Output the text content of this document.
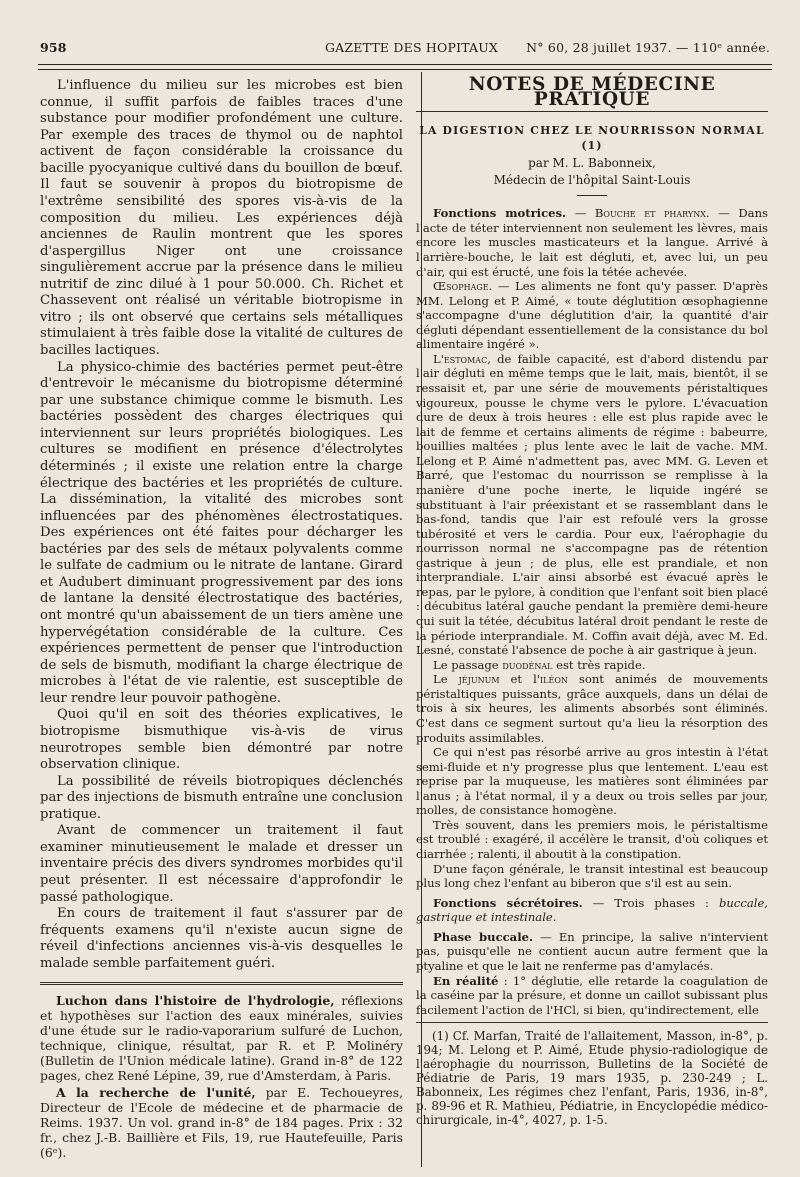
958	GAZETTE DES HOPITAUX N° 60, 28 juillet 1937. — 110ᵉ année.

L'influence du milieu sur les microbes est bien connue, il suffit parfois de faibles traces d'une substance pour modifier profondément une culture. Par exemple des traces de thymol ou de naphtol activent de façon considérable la croissance du bacille pyocyanique cultivé dans du bouillon de bœuf. Il faut se souvenir à propos du biotropisme de l'extrême sensibilité des spores vis-à-vis de la composition du milieu. Les expériences déjà anciennes de Raulin montrent que les spores d'aspergillus Niger ont une croissance singulièrement accrue par la présence dans le milieu nutritif de zinc dilué à 1 pour 50.000. Ch. Richet et Chassevent ont réalisé un véritable biotropisme in vitro ; ils ont observé que certains sels métalliques stimulaient à très faible dose la vitalité de cultures de bacilles lactiques.

La physico-chimie des bactéries permet peut-être d'entrevoir le mécanisme du biotropisme déterminé par une substance chimique comme le bismuth. Les bactéries possèdent des charges électriques qui interviennent sur leurs propriétés biologiques. Les cultures se modifient en présence d'électrolytes déterminés ; il existe une relation entre la charge électrique des bactéries et les propriétés de culture. La dissémination, la vitalité des microbes sont influencées par des phénomènes électrostatiques. Des expériences ont été faites pour décharger les bactéries par des sels de métaux polyvalents comme le sulfate de cadmium ou le nitrate de lantane. Girard et Audubert diminuant progressivement par des ions de lantane la densité électrostatique des bactéries, ont montré qu'un abaissement de un tiers amène une hypervégétation considérable de la culture. Ces expériences permettent de penser que l'introduction de sels de bismuth, modifiant la charge électrique de microbes à l'état de vie ralentie, est susceptible de leur rendre leur pouvoir pathogène.

Quoi qu'il en soit des théories explicatives, le biotropisme bismuthique vis-à-vis de virus neurotropes semble bien démontré par notre observation clinique.

La possibilité de réveils biotropiques déclenchés par des injections de bismuth entraîne une conclusion pratique.

Avant de commencer un traitement il faut examiner minutieusement le malade et dresser un inventaire précis des divers syndromes morbides qu'il peut présenter. Il est nécessaire d'approfondir le passé pathologique.

En cours de traitement il faut s'assurer par de fréquents examens qu'il n'existe aucun signe de réveil d'infections anciennes vis-à-vis desquelles le malade semble parfaitement guéri.

Luchon dans l'histoire de l'hydrologie, réflexions et hypothèses sur l'action des eaux minérales, suivies d'une étude sur le radio-vaporarium sulfuré de Luchon, technique, clinique, résultat, par R. et P. Molinéry (Bulletin de l'Union médicale latine). Grand in-8° de 122 pages, chez René Lépine, 39, rue d'Amsterdam, à Paris.

A la recherche de l'unité, par E. Techoueyres, Directeur de l'Ecole de médecine et de pharmacie de Reims. 1937. Un vol. grand in-8° de 184 pages. Prix : 32 fr., chez J.-B. Baillière et Fils, 19, rue Hautefeuille, Paris (6ᵉ).

NOTES DE MÉDECINE PRATIQUE

LA DIGESTION CHEZ LE NOURRISSON NORMAL (1)
par M. L. Babonneix,
Médecin de l'hôpital Saint-Louis

Fonctions motrices. — Bouche et pharynx. — Dans l'acte de téter interviennent non seulement les lèvres, mais encore les muscles masticateurs et la langue. Arrivé à l'arrière-bouche, le lait est dégluti, et, avec lui, un peu d'air, qui est éructé, une fois la tétée achevée.

Œsophage. — Les aliments ne font qu'y passer. D'après MM. Lelong et P. Aimé, « toute déglutition œsophagienne s'accompagne d'une déglutition d'air, la quantité d'air dégluti dépendant essentiellement de la consistance du bol alimentaire ingéré ».

L'estomac, de faible capacité, est d'abord distendu par l'air dégluti en même temps que le lait, mais, bientôt, il se ressaisit et, par une série de mouvements péristaltiques vigoureux, pousse le chyme vers le pylore. L'évacuation dure de deux à trois heures : elle est plus rapide avec le lait de femme et certains aliments de régime : babeurre, bouillies maltées ; plus lente avec le lait de vache. MM. Lelong et P. Aimé n'admettent pas, avec MM. G. Leven et Barré, que l'estomac du nourrisson se remplisse à la manière d'une poche inerte, le liquide ingéré se substituant à l'air préexistant et se rassemblant dans le bas-fond, tandis que l'air est refoulé vers la grosse tubérosité et vers le cardia. Pour eux, l'aérophagie du nourrisson normal ne s'accompagne pas de rétention gastrique à jeun ; de plus, elle est prandiale, et non interprandiale. L'air ainsi absorbé est évacué après le repas, par le pylore, à condition que l'enfant soit bien placé : décubitus latéral gauche pendant la première demi-heure qui suit la tétée, décubitus latéral droit pendant le reste de la période interprandiale. M. Coffin avait déjà, avec M. Ed. Lesné, constaté l'absence de poche à air gastrique à jeun.

Le passage duodénal est très rapide.

Le jéjunum et l'iléon sont animés de mouvements péristaltiques puissants, grâce auxquels, dans un délai de trois à six heures, les aliments absorbés sont éliminés. C'est dans ce segment surtout qu'a lieu la résorption des produits assimilables.

Ce qui n'est pas résorbé arrive au gros intestin à l'état semi-fluide et n'y progresse plus que lentement. L'eau est reprise par la muqueuse, les matières sont éliminées par l'anus ; à l'état normal, il y a deux ou trois selles par jour, molles, de consistance homogène.

Très souvent, dans les premiers mois, le péristaltisme est troublé : exagéré, il accélère le transit, d'où coliques et diarrhée ; ralenti, il aboutit à la constipation.

D'une façon générale, le transit intestinal est beaucoup plus long chez l'enfant au biberon que s'il est au sein.

Fonctions sécrétoires. — Trois phases : buccale, gastrique et intestinale.

Phase buccale. — En principe, la salive n'intervient pas, puisqu'elle ne contient aucun autre ferment que la ptyaline et que le lait ne renferme pas d'amylacés.

En réalité : 1° déglutie, elle retarde la coagulation de la caséine par la présure, et donne un caillot subissant plus facilement l'action de l'HCl, si bien, qu'indirectement, elle

(1) Cf. Marfan, Traité de l'allaitement, Masson, in-8°, p. 194; M. Lelong et P. Aimé, Etude physio-radiologique de l'aérophagie du nourrisson, Bulletins de la Société de Pédiatrie de Paris, 19 mars 1935, p. 230-249 ; L. Babonneix, Les régimes chez l'enfant, Paris, 1936, in-8°, p. 89-96 et R. Mathieu, Pédiatrie, in Encyclopédie médico-chirurgicale, in-4°, 4027, p. 1-5.
